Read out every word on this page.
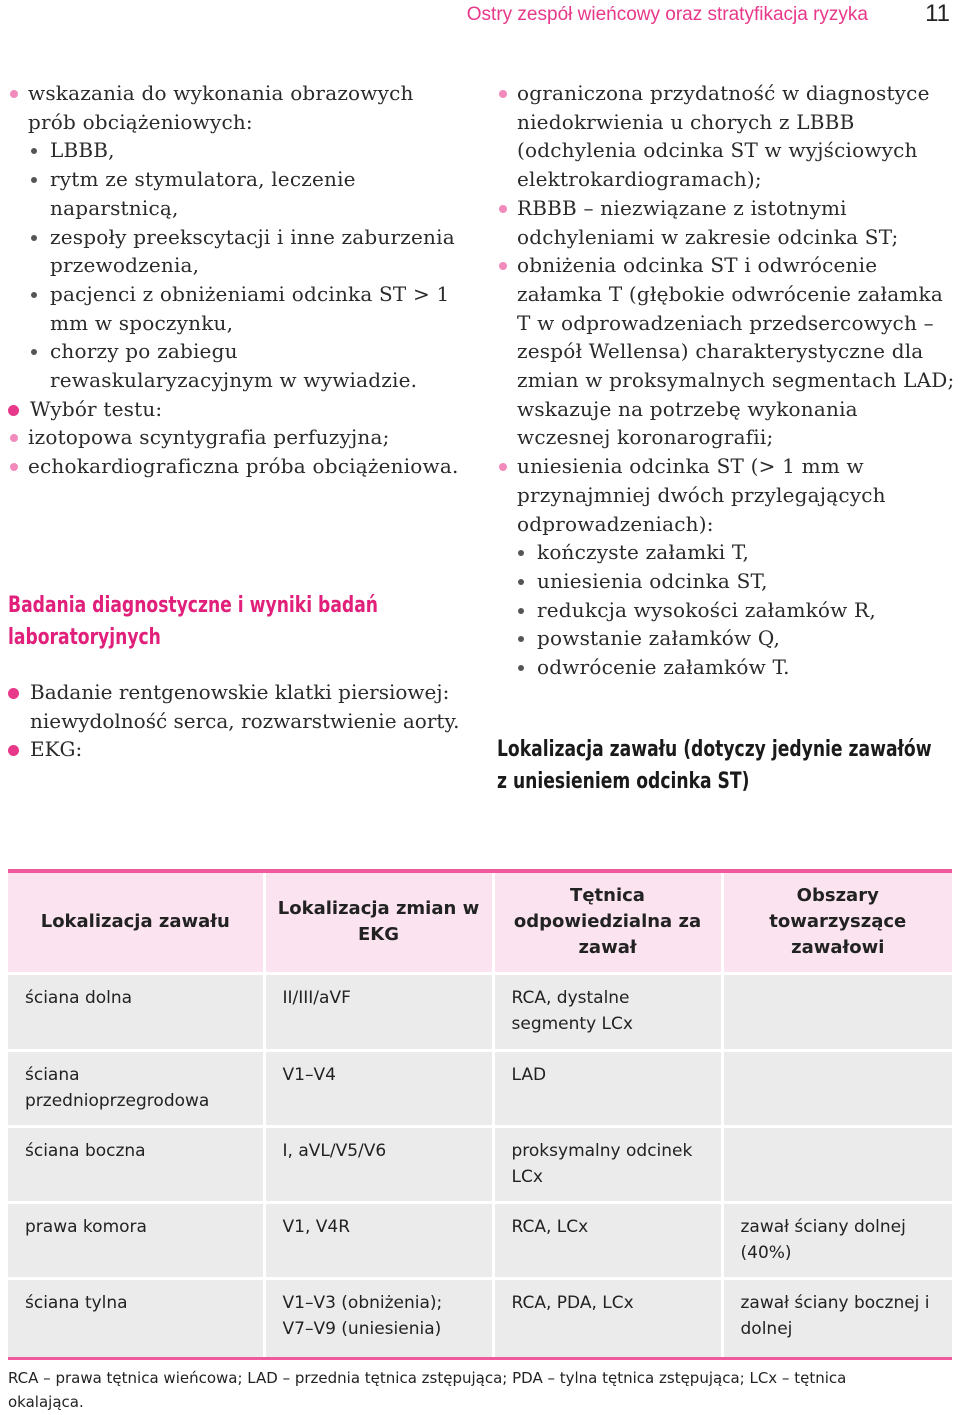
Ostry zespół wieńcowy oraz stratyfikacja ryzyka 11
wskazania do wykonania obrazowych prób obciążeniowych:
LBBB,
rytm ze stymulatora, leczenie naparstnicą,
zespoły preekscytacji i inne zaburzenia przewodzenia,
pacjenci z obniżeniami odcinka ST > 1 mm w spoczynku,
chorzy po zabiegu rewaskularyzacyjnym w wywiadzie.
Wybór testu:
izotopowa scyntygrafia perfuzyjna;
echokardiograficzna próba obciążeniowa.
Badania diagnostyczne i wyniki badań laboratoryjnych
Badanie rentgenowskie klatki piersiowej: niewydolność serca, rozwarstwienie aorty.
EKG:
ograniczona przydatność w diagnostyce niedokrwienia u chorych z LBBB (odchylenia odcinka ST w wyjściowych elektrokardiogramach);
RBBB – niezwiązane z istotnymi odchyleniami w zakresie odcinka ST;
obniżenia odcinka ST i odwrócenie załamka T (głębokie odwrócenie załamka T w odprowadzeniach przedsercowych – zespół Wellensa) charakterystyczne dla zmian w proksymalnych segmentach LAD; wskazuje na potrzebę wykonania wczesnej koronarografii;
uniesienia odcinka ST (> 1 mm w przynajmniej dwóch przylegających odprowadzeniach):
kończyste załamki T,
uniesienia odcinka ST,
redukcja wysokości załamków R,
powstanie załamków Q,
odwrócenie załamków T.
Lokalizacja zawału (dotyczy jedynie zawałów z uniesieniem odcinka ST)
Lokalizacja zawału	Lokalizacja zmian w EKG	Tętnica odpowiedzialna za zawał	Obszary towarzyszące zawałowi
ściana dolna	II/III/aVF	RCA, dystalne segmenty LCx	
ściana przednioprzegrodowa	V1–V4	LAD	
ściana boczna	I, aVL/V5/V6	proksymalny odcinek LCx	
prawa komora	V1, V4R	RCA, LCx	zawał ściany dolnej (40%)
ściana tylna	V1–V3 (obniżenia); V7–V9 (uniesienia)	RCA, PDA, LCx	zawał ściany bocznej i dolnej
RCA – prawa tętnica wieńcowa; LAD – przednia tętnica zstępująca; PDA – tylna tętnica zstępująca; LCx – tętnica okalająca.
